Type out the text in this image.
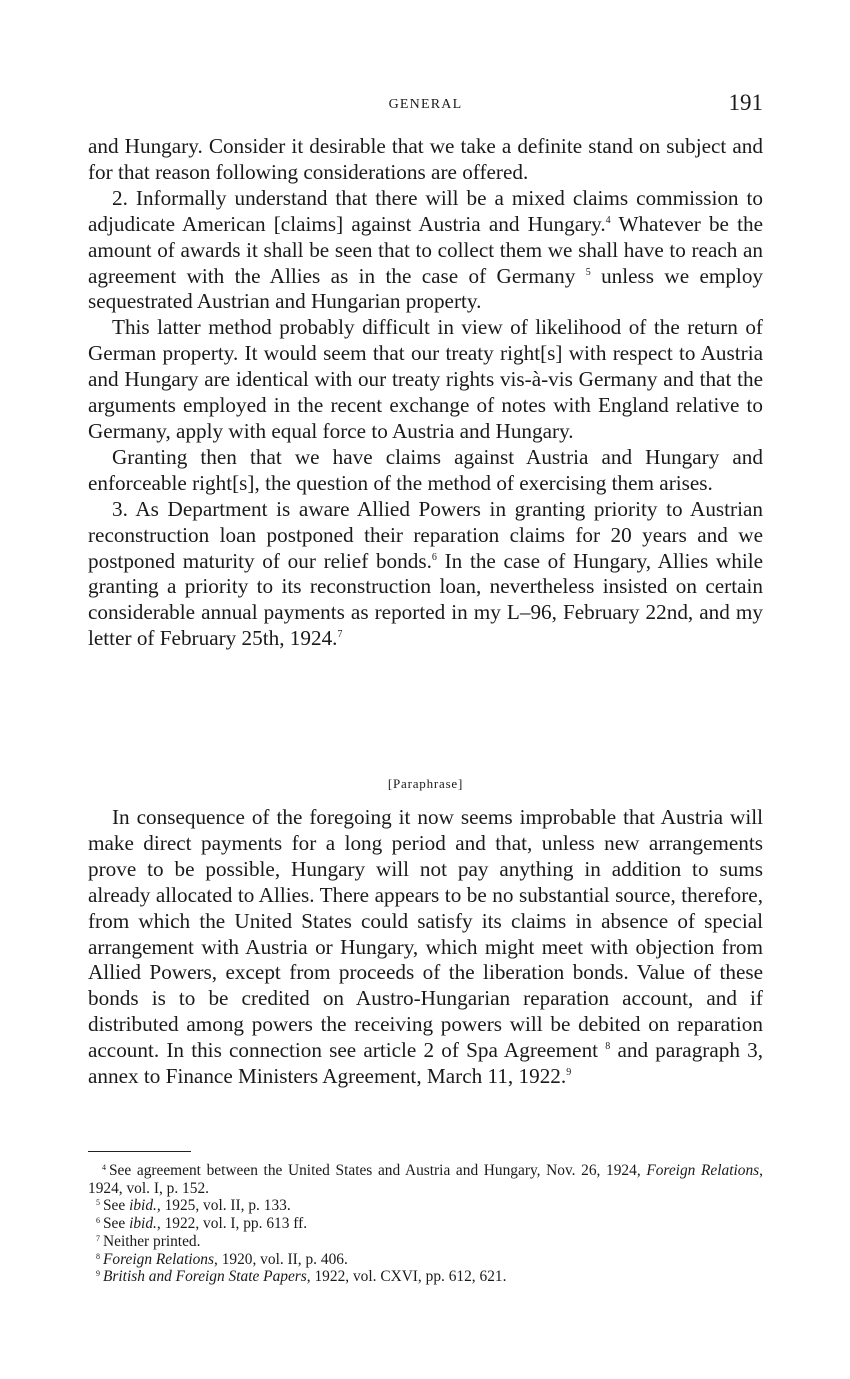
GENERAL	191

and Hungary. Consider it desirable that we take a definite stand on subject and for that reason following considerations are offered.

2. Informally understand that there will be a mixed claims commission to adjudicate American [claims] against Austria and Hungary.$^4$ Whatever be the amount of awards it shall be seen that to collect them we shall have to reach an agreement with the Allies as in the case of Germany $^5$ unless we employ sequestrated Austrian and Hungarian property.

This latter method probably difficult in view of likelihood of the return of German property. It would seem that our treaty right[s] with respect to Austria and Hungary are identical with our treaty rights vis-à-vis Germany and that the arguments employed in the recent exchange of notes with England relative to Germany, apply with equal force to Austria and Hungary.

Granting then that we have claims against Austria and Hungary and enforceable right[s], the question of the method of exercising them arises.

3. As Department is aware Allied Powers in granting priority to Austrian reconstruction loan postponed their reparation claims for 20 years and we postponed maturity of our relief bonds.$^6$ In the case of Hungary, Allies while granting a priority to its reconstruction loan, nevertheless insisted on certain considerable annual payments as reported in my L–96, February 22nd, and my letter of February 25th, 1924.$^7$

[Paraphrase]

In consequence of the foregoing it now seems improbable that Austria will make direct payments for a long period and that, unless new arrangements prove to be possible, Hungary will not pay anything in addition to sums already allocated to Allies. There appears to be no substantial source, therefore, from which the United States could satisfy its claims in absence of special arrangement with Austria or Hungary, which might meet with objection from Allied Powers, except from proceeds of the liberation bonds. Value of these bonds is to be credited on Austro-Hungarian reparation account, and if distributed among powers the receiving powers will be debited on reparation account. In this connection see article 2 of Spa Agreement $^8$ and paragraph 3, annex to Finance Ministers Agreement, March 11, 1922.$^9$

$^4$ See agreement between the United States and Austria and Hungary, Nov. 26, 1924, Foreign Relations, 1924, vol. I, p. 152.
$^5$ See ibid., 1925, vol. II, p. 133.
$^6$ See ibid., 1922, vol. I, pp. 613 ff.
$^7$ Neither printed.
$^8$ Foreign Relations, 1920, vol. II, p. 406.
$^9$ British and Foreign State Papers, 1922, vol. CXVI, pp. 612, 621.
